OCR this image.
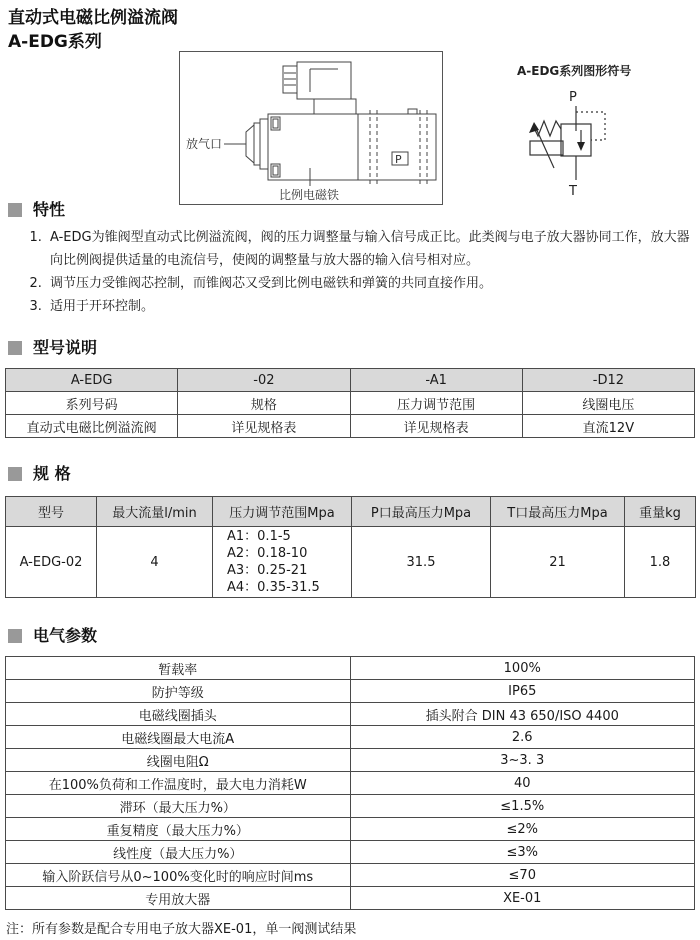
直动式电磁比例溢流阀
A-EDG系列
放气口
P
比例电磁铁
A-EDG系列图形符号
P
T
特性
1. A-EDG为锥阀型直动式比例溢流阀，阀的压力调整量与输入信号成正比。此类阀与电子放大器协同工作，放大器向比例阀提供适量的电流信号，使阀的调整量与放大器的输入信号相对应。
2. 调节压力受锥阀芯控制，而锥阀芯又受到比例电磁铁和弹簧的共同直接作用。
3. 适用于开环控制。
型号说明
A-EDG	-02	-A1	-D12
系列号码	规格	压力调节范围	线圈电压
直动式电磁比例溢流阀	详见规格表	详见规格表	直流12V
规 格
型号	最大流量l/min	压力调节范围Mpa	P口最高压力Mpa	T口最高压力Mpa	重量kg
A-EDG-02	4	A1：0.1-5
A2：0.18-10
A3：0.25-21
A4：0.35-31.5	31.5	21	1.8
电气参数
暂载率	100%
防护等级	IP65
电磁线圈插头	插头附合 DIN 43 650/ISO 4400
电磁线圈最大电流A	2.6
线圈电阻Ω	3~3. 3
在100%负荷和工作温度时，最大电力消耗W	40
滞环（最大压力%）	≤1.5%
重复精度（最大压力%）	≤2%
线性度（最大压力%）	≤3%
输入阶跃信号从0~100%变化时的响应时间ms	≤70
专用放大器	XE-01
注：所有参数是配合专用电子放大器XE-01，单一阀测试结果
